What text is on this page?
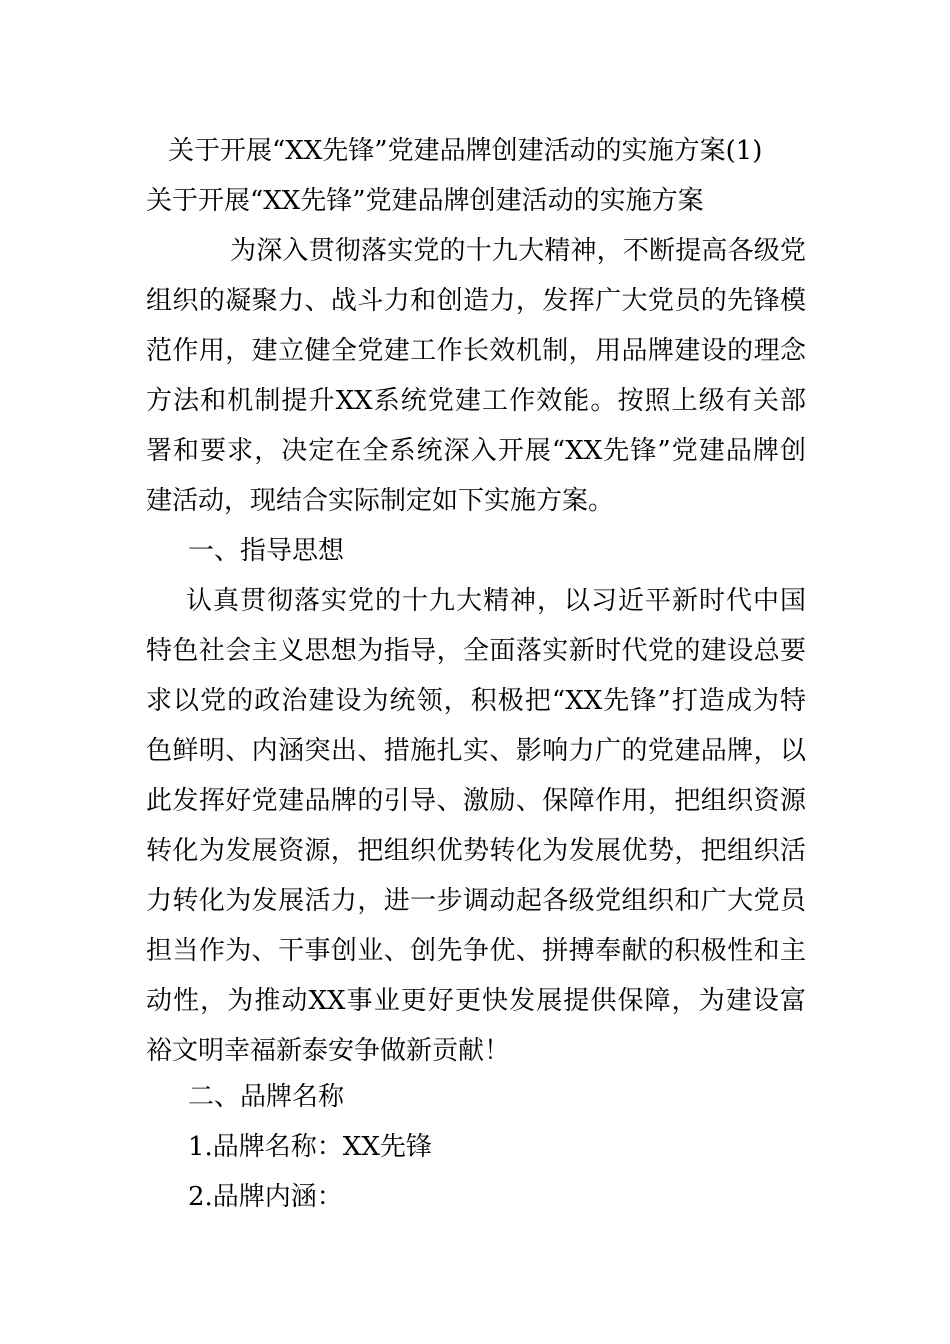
关于开展“XX先锋”党建品牌创建活动的实施方案(1)
关于开展“XX先锋”党建品牌创建活动的实施方案
为深入贯彻落实党的十九大精神，不断提高各级党组织的凝聚力、战斗力和创造力，发挥广大党员的先锋模范作用，建立健全党建工作长效机制，用品牌建设的理念方法和机制提升XX系统党建工作效能。按照上级有关部署和要求，决定在全系统深入开展“XX先锋”党建品牌创建活动，现结合实际制定如下实施方案。
一、指导思想
认真贯彻落实党的十九大精神，以习近平新时代中国特色社会主义思想为指导，全面落实新时代党的建设总要求以党的政治建设为统领，积极把“XX先锋”打造成为特色鲜明、内涵突出、措施扎实、影响力广的党建品牌，以此发挥好党建品牌的引导、激励、保障作用，把组织资源转化为发展资源，把组织优势转化为发展优势，把组织活力转化为发展活力，进一步调动起各级党组织和广大党员担当作为、干事创业、创先争优、拼搏奉献的积极性和主动性，为推动XX事业更好更快发展提供保障，为建设富裕文明幸福新泰安争做新贡献！
二、品牌名称
1.品牌名称：XX先锋
2.品牌内涵：
